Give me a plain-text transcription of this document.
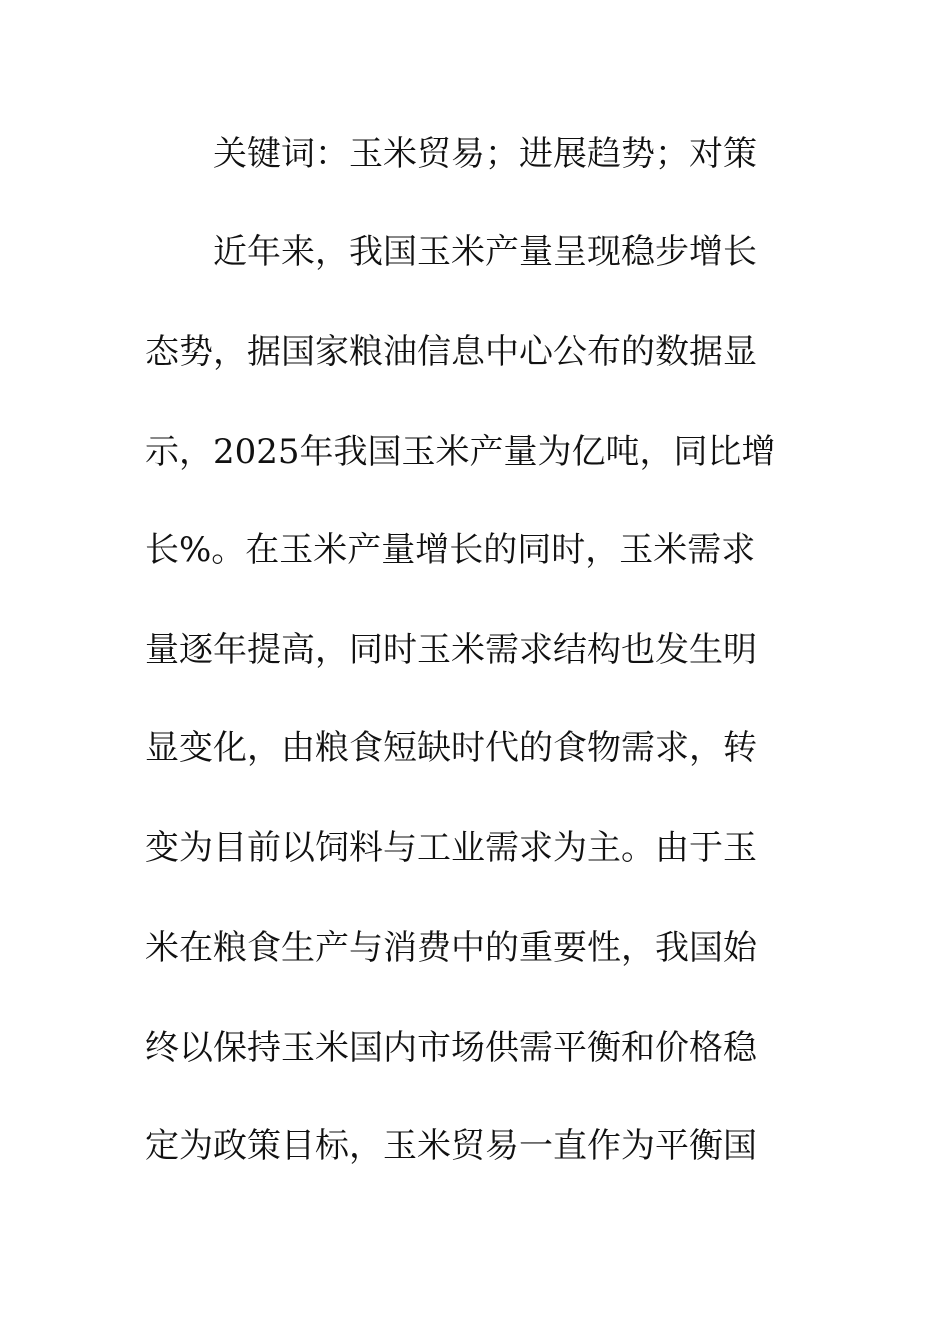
关键词：玉米贸易；进展趋势；对策
近年来，我国玉米产量呈现稳步增长
态势，据国家粮油信息中心公布的数据显
示，2025年我国玉米产量为亿吨，同比增
长%。在玉米产量增长的同时，玉米需求
量逐年提高，同时玉米需求结构也发生明
显变化，由粮食短缺时代的食物需求，转
变为目前以饲料与工业需求为主。由于玉
米在粮食生产与消费中的重要性，我国始
终以保持玉米国内市场供需平衡和价格稳
定为政策目标，玉米贸易一直作为平衡国
